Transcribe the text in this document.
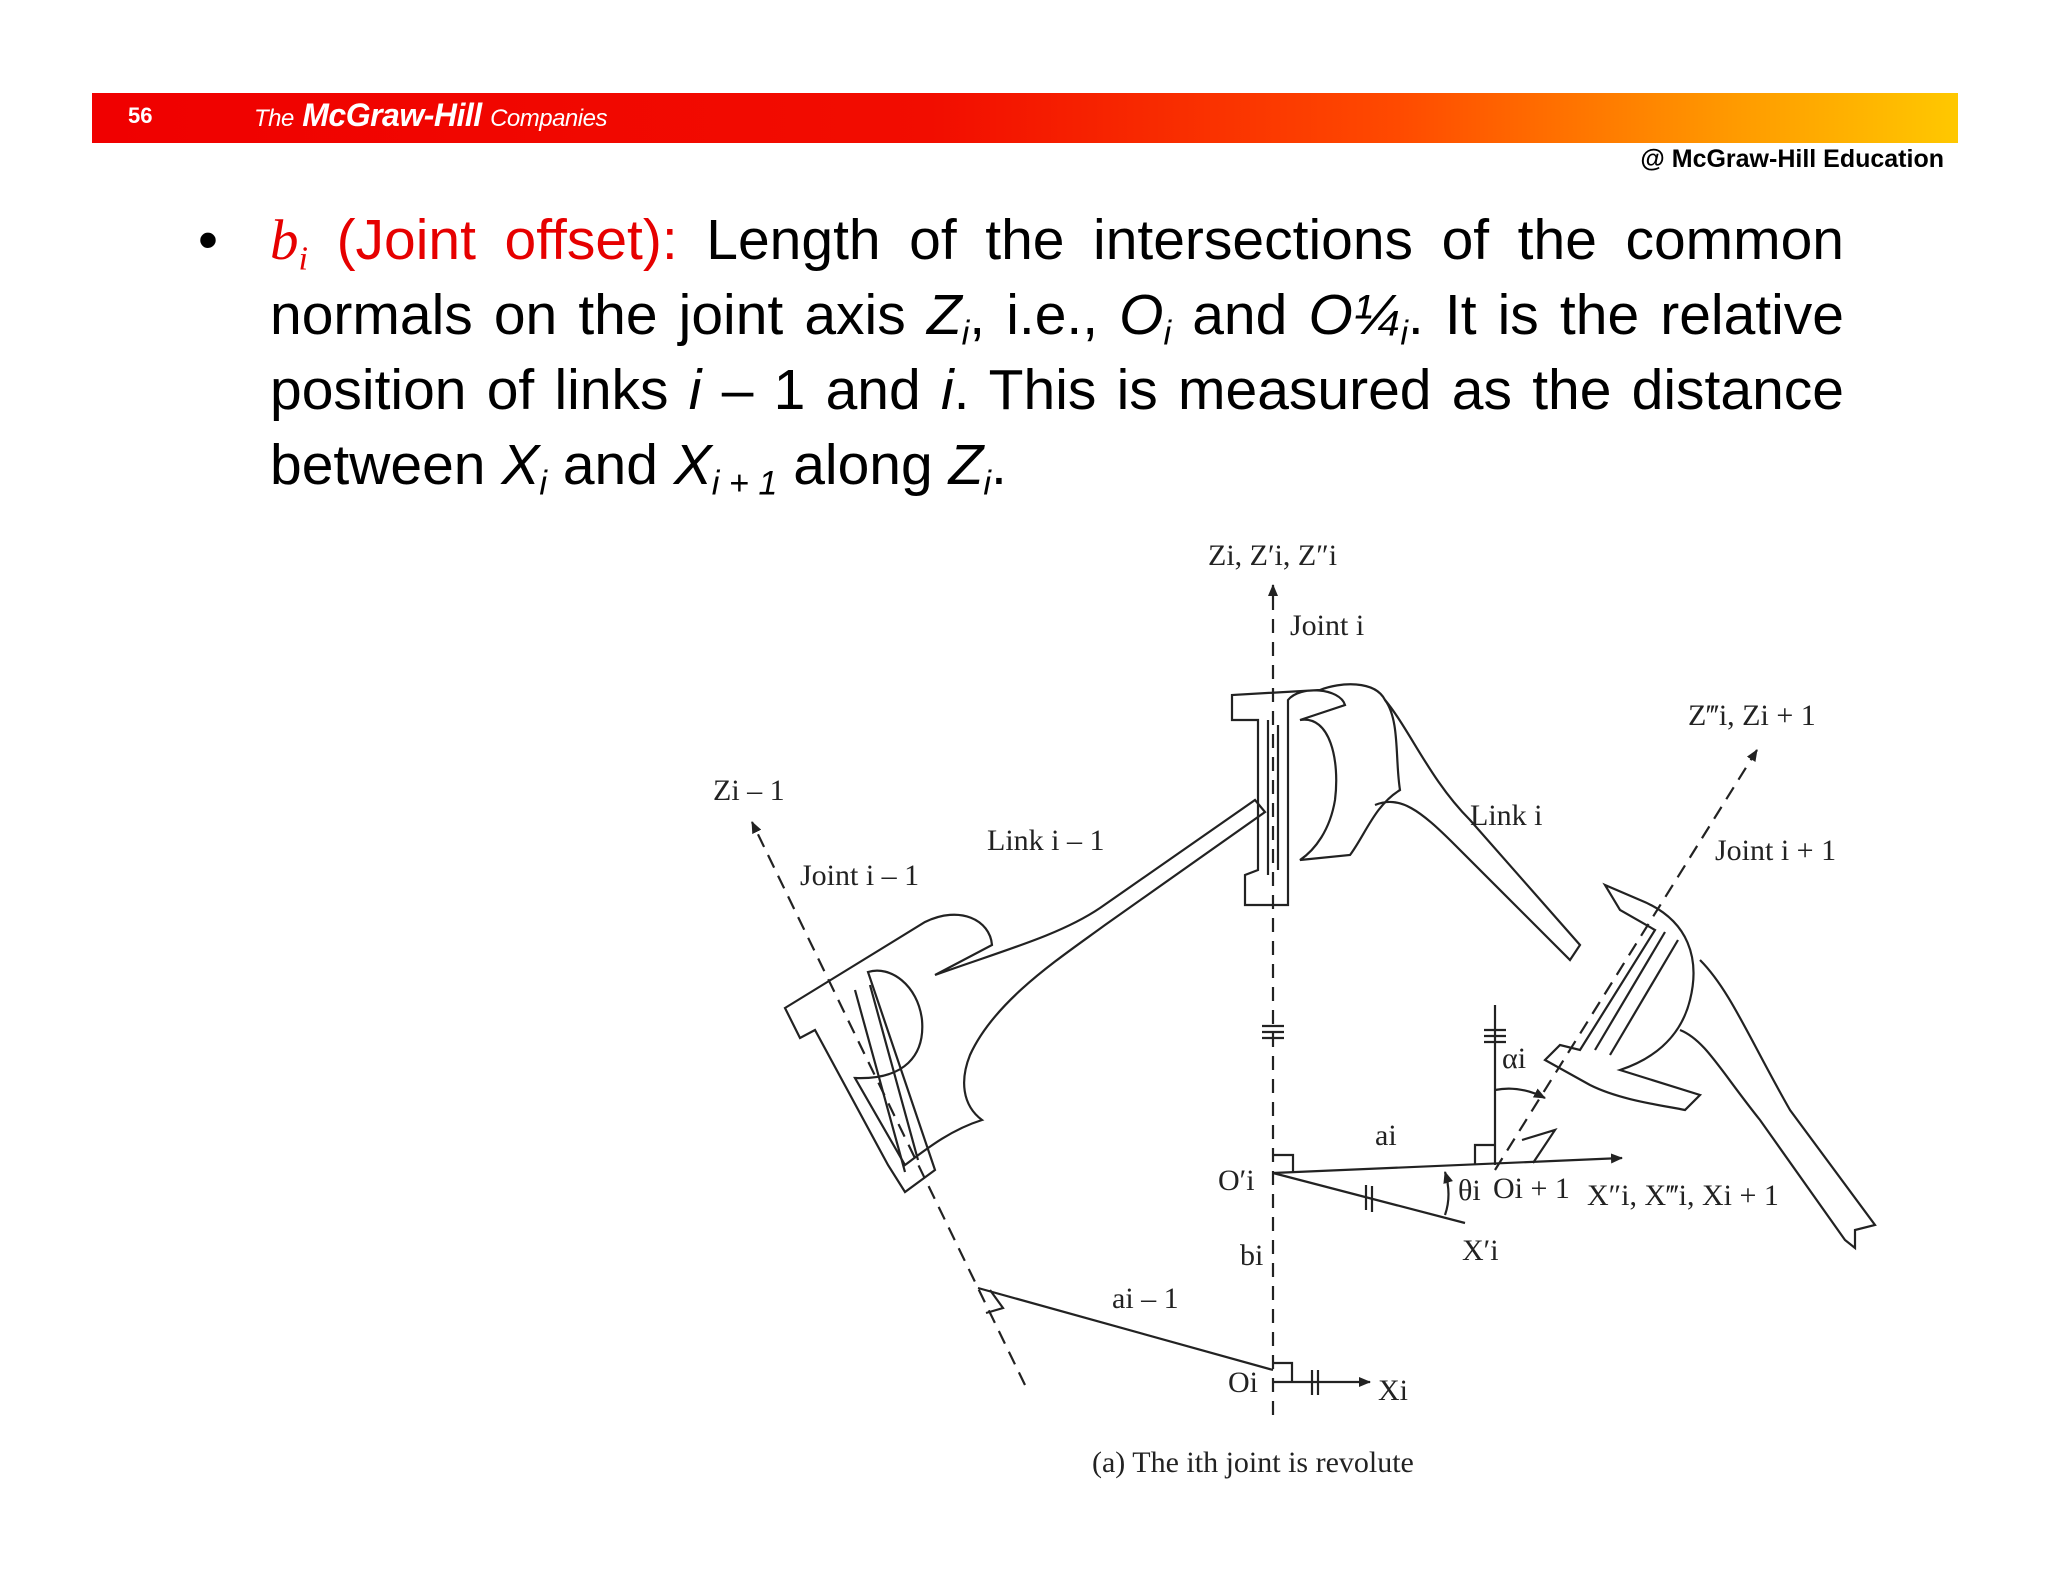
56	The McGraw-Hill Companies
@ McGraw-Hill Education
• $b_i$ (Joint offset): Length of the intersections of the common normals on the joint axis $Z_i$, i.e., $O_i$ and $O\frac{1}{4}_i$. It is the relative position of links i – 1 and i. This is measured as the distance between $X_i$ and $X_{i + 1}$ along $Z_i$.
Zi, Z′i, Z″i
Joint i
Z‴i, Zi + 1
Joint i + 1
Link i
Link i – 1
Zi – 1
Joint i – 1
αi
ai
O′i	θi Oi + 1 X″i, X‴i, Xi + 1
X′i
bi
ai – 1
Oi	Xi
(a) The ith joint is revolute
